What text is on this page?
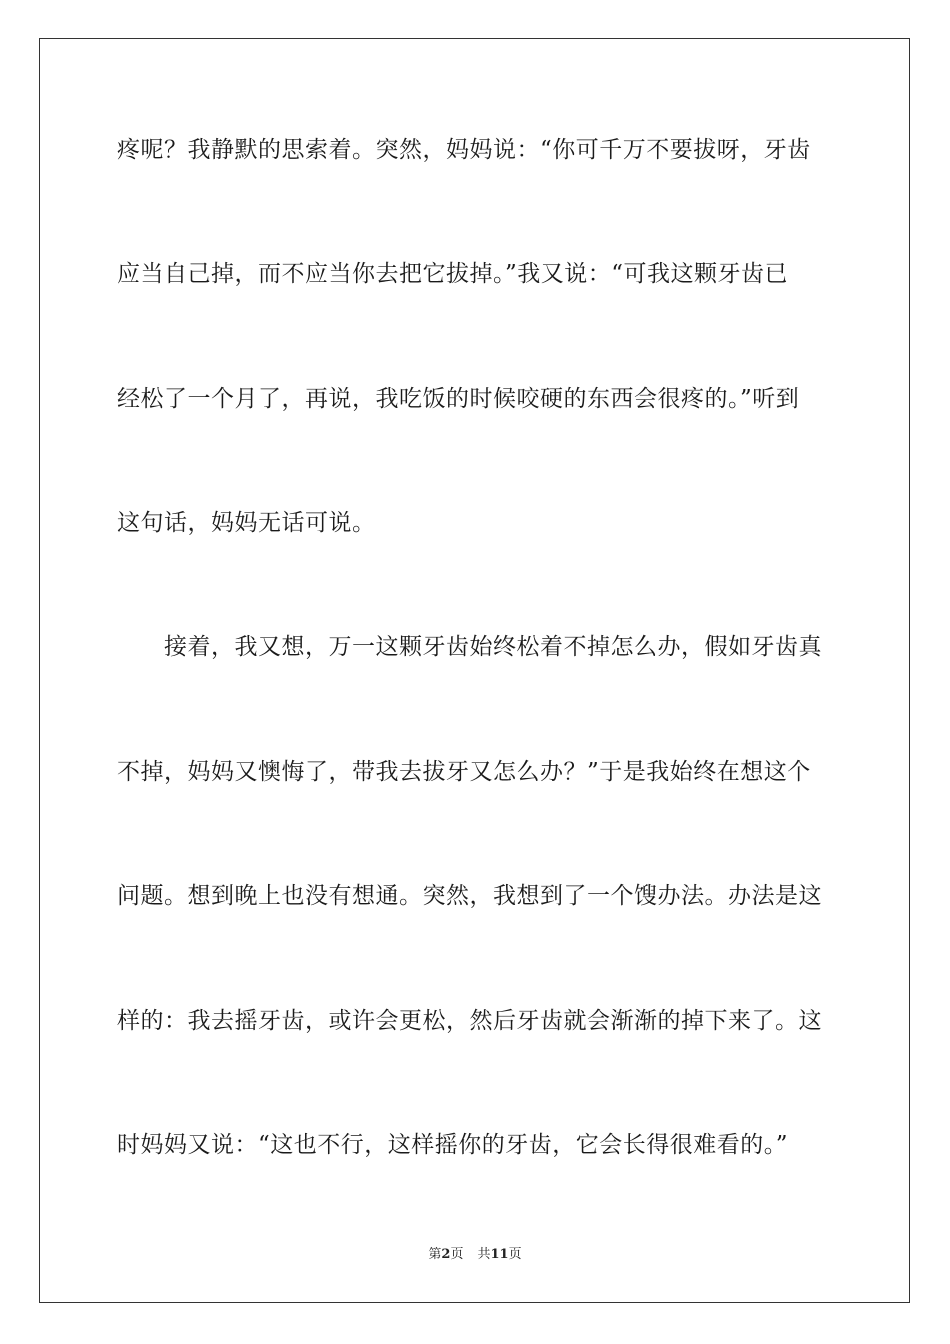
疼呢？我静默的思索着。突然，妈妈说：“你可千万不要拔呀，牙齿
应当自己掉，而不应当你去把它拔掉。”我又说：“可我这颗牙齿已
经松了一个月了，再说，我吃饭的时候咬硬的东西会很疼的。”听到
这句话，妈妈无话可说。
接着，我又想，万一这颗牙齿始终松着不掉怎么办，假如牙齿真
不掉，妈妈又懊悔了，带我去拔牙又怎么办？”于是我始终在想这个
问题。想到晚上也没有想通。突然，我想到了一个馊办法。办法是这
样的：我去摇牙齿，或许会更松，然后牙齿就会渐渐的掉下来了。这
时妈妈又说：“这也不行，这样摇你的牙齿，它会长得很难看的。”
第2页 共11页
